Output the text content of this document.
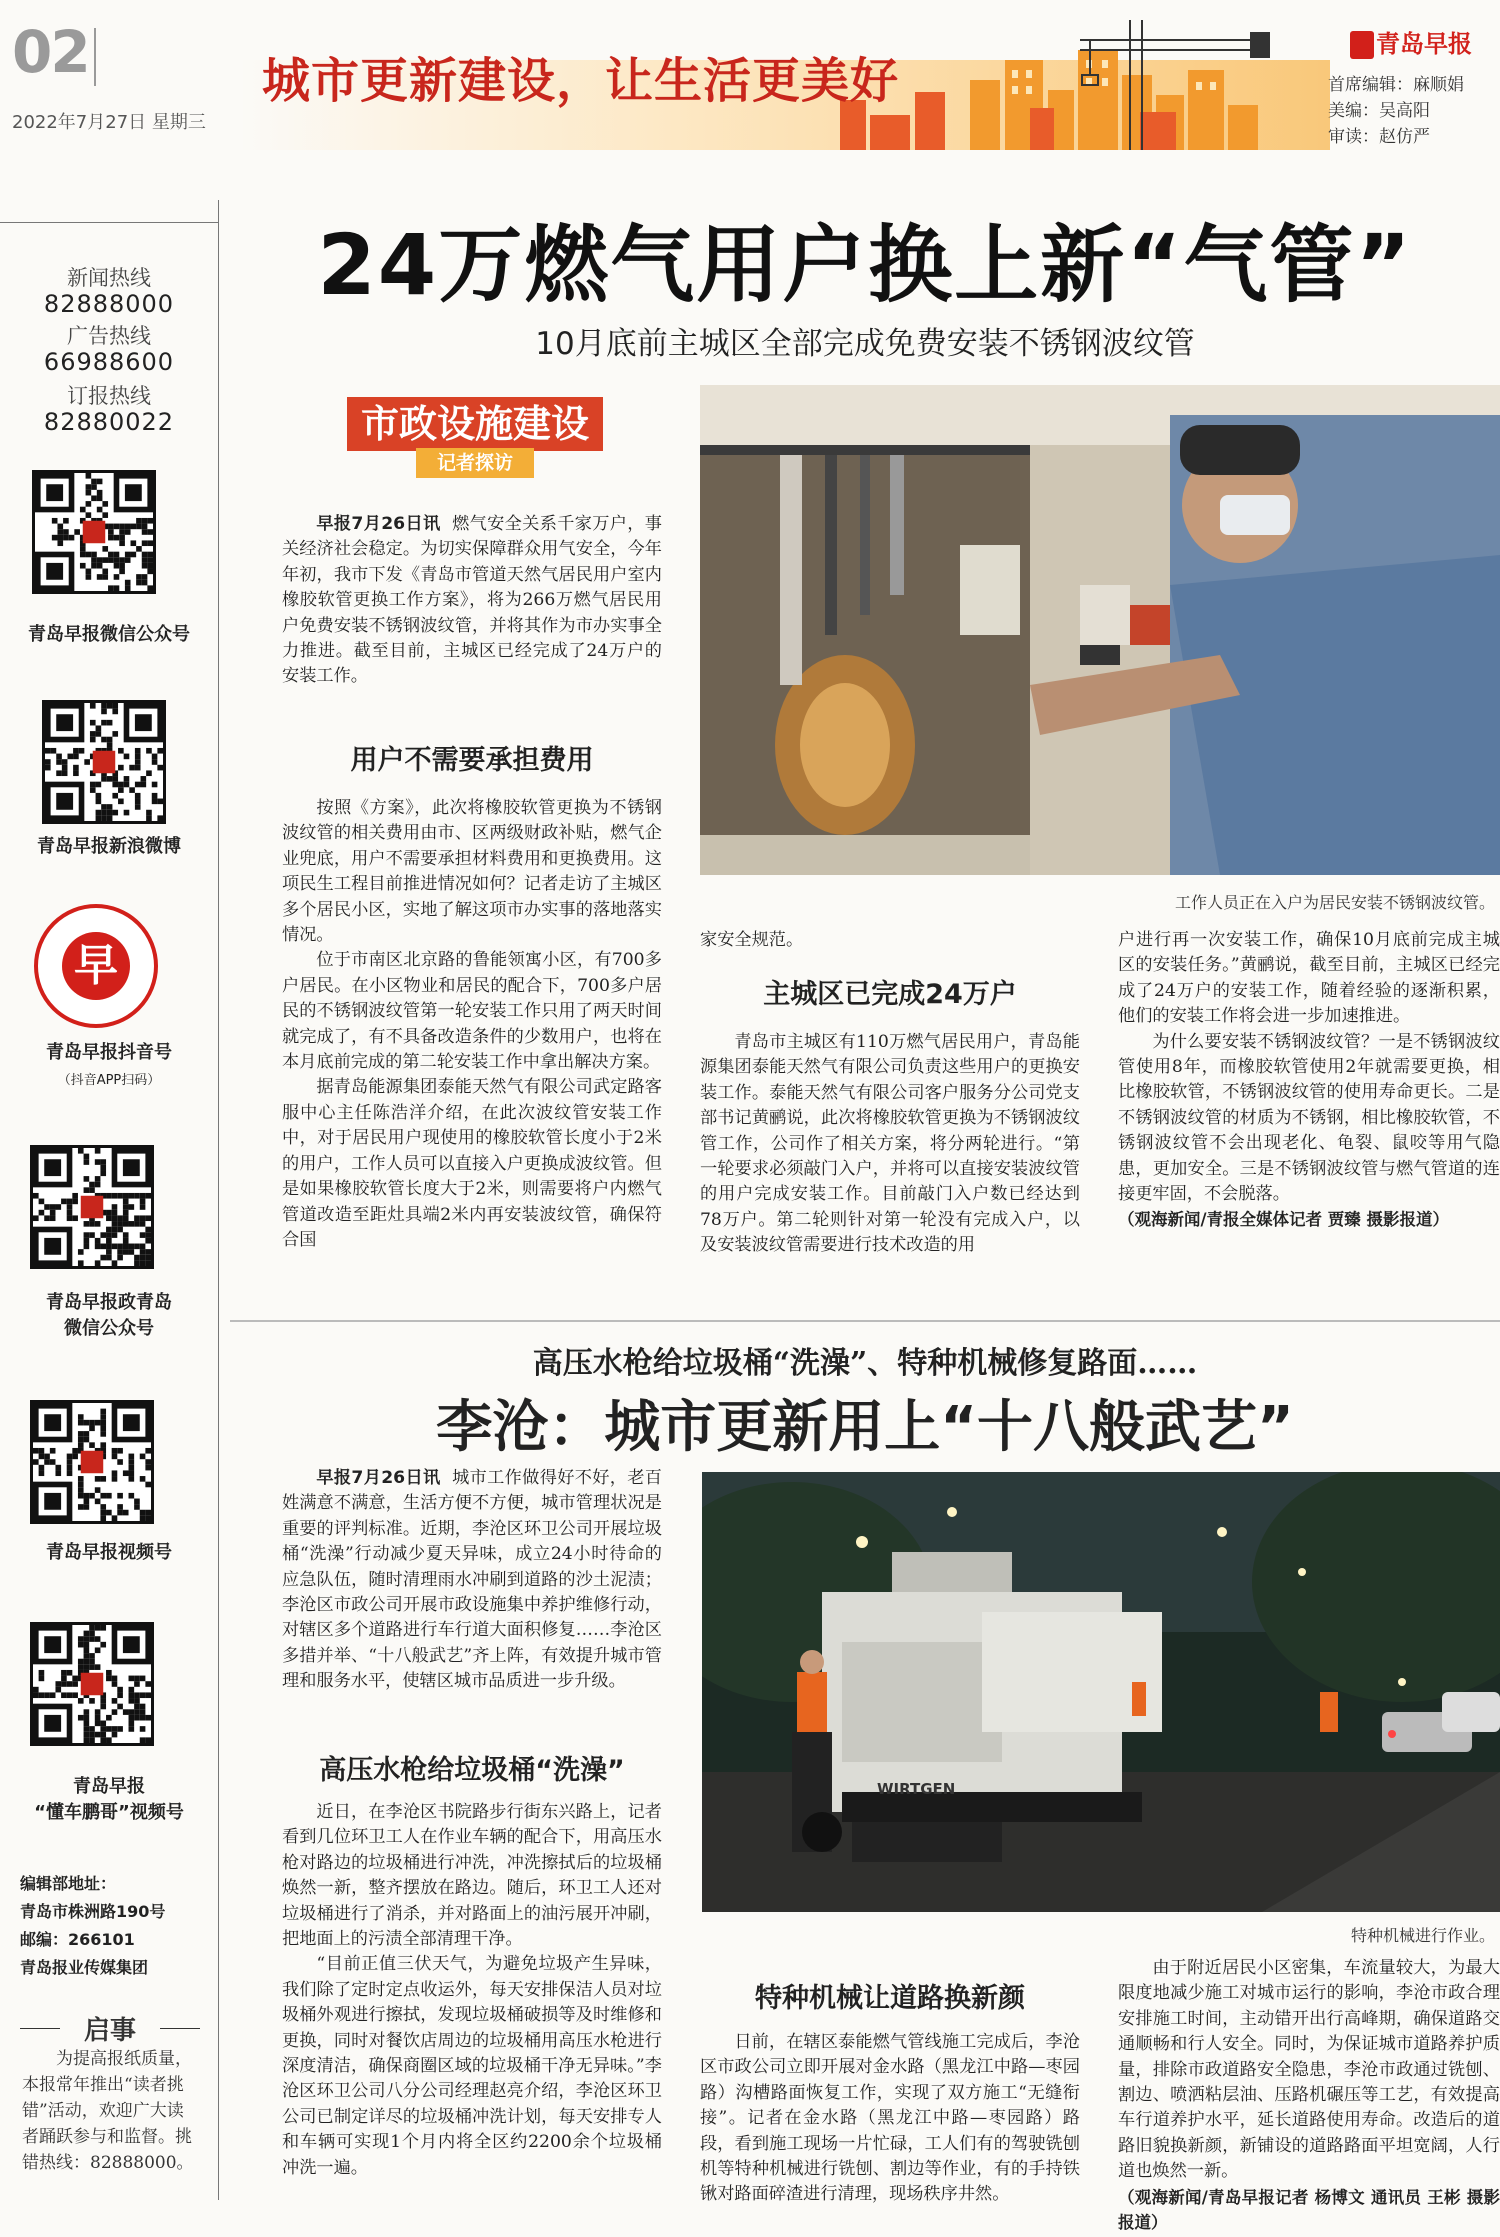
02
2022年7月27日 星期三
城市更新建设，让生活更美好
青岛早报
首席编辑：麻顺娟
美编：吴高阳
审读：赵仿严
新闻热线
82888000
广告热线
66988600
订报热线
82880022
青岛早报微信公众号
青岛早报新浪微博
早
青岛早报抖音号
（抖音APP扫码）
青岛早报政青岛
微信公众号
青岛早报视频号
青岛早报
“懂车鹏哥”视频号
编辑部地址：
青岛市株洲路190号
邮编：266101
青岛报业传媒集团
启事
为提高报纸质量，本报常年推出“读者挑错”活动，欢迎广大读者踊跃参与和监督。挑错热线：82888000。
24万燃气用户换上新“气管”
10月底前主城区全部完成免费安装不锈钢波纹管
市政设施建设
记者探访

早报7月26日讯 燃气安全关系千家万户，事关经济社会稳定。为切实保障群众用气安全，今年年初，我市下发《青岛市管道天然气居民用户室内橡胶软管更换工作方案》，将为266万燃气居民用户免费安装不锈钢波纹管，并将其作为市办实事全力推进。截至目前，主城区已经完成了24万户的安装工作。

用户不需要承担费用

按照《方案》，此次将橡胶软管更换为不锈钢波纹管的相关费用由市、区两级财政补贴，燃气企业兜底，用户不需要承担材料费用和更换费用。这项民生工程目前推进情况如何？记者走访了主城区多个居民小区，实地了解这项市办实事的落地落实情况。

位于市南区北京路的鲁能领寓小区，有700多户居民。在小区物业和居民的配合下，700多户居民的不锈钢波纹管第一轮安装工作只用了两天时间就完成了，有不具备改造条件的少数用户，也将在本月底前完成的第二轮安装工作中拿出解决方案。

据青岛能源集团泰能天然气有限公司武定路客服中心主任陈浩洋介绍，在此次波纹管安装工作中，对于居民用户现使用的橡胶软管长度小于2米的用户，工作人员可以直接入户更换成波纹管。但是如果橡胶软管长度大于2米，则需要将户内燃气管道改造至距灶具端2米内再安装波纹管，确保符合国

工作人员正在入户为居民安装不锈钢波纹管。

家安全规范。

主城区已完成24万户

青岛市主城区有110万燃气居民用户，青岛能源集团泰能天然气有限公司负责这些用户的更换安装工作。泰能天然气有限公司客户服务分公司党支部书记黄鹂说，此次将橡胶软管更换为不锈钢波纹管工作，公司作了相关方案，将分两轮进行。“第一轮要求必须敲门入户，并将可以直接安装波纹管的用户完成安装工作。目前敲门入户数已经达到78万户。第二轮则针对第一轮没有完成入户，以及安装波纹管需要进行技术改造的用

户进行再一次安装工作，确保10月底前完成主城区的安装任务。”黄鹂说，截至目前，主城区已经完成了24万户的安装工作，随着经验的逐渐积累，他们的安装工作将会进一步加速推进。

为什么要安装不锈钢波纹管？一是不锈钢波纹管使用8年，而橡胶软管使用2年就需要更换，相比橡胶软管，不锈钢波纹管的使用寿命更长。二是不锈钢波纹管的材质为不锈钢，相比橡胶软管，不锈钢波纹管不会出现老化、龟裂、鼠咬等用气隐患，更加安全。三是不锈钢波纹管与燃气管道的连接更牢固，不会脱落。

（观海新闻/青报全媒体记者 贾臻 摄影报道）

高压水枪给垃圾桶“洗澡”、特种机械修复路面……
李沧：城市更新用上“十八般武艺”

早报7月26日讯 城市工作做得好不好，老百姓满意不满意，生活方便不方便，城市管理状况是重要的评判标准。近期，李沧区环卫公司开展垃圾桶“洗澡”行动减少夏天异味，成立24小时待命的应急队伍，随时清理雨水冲刷到道路的沙土泥渍；李沧区市政公司开展市政设施集中养护维修行动，对辖区多个道路进行车行道大面积修复……李沧区多措并举、“十八般武艺”齐上阵，有效提升城市管理和服务水平，使辖区城市品质进一步升级。

高压水枪给垃圾桶“洗澡”

近日，在李沧区书院路步行街东兴路上，记者看到几位环卫工人在作业车辆的配合下，用高压水枪对路边的垃圾桶进行冲洗，冲洗擦拭后的垃圾桶焕然一新，整齐摆放在路边。随后，环卫工人还对垃圾桶进行了消杀，并对路面上的油污展开冲刷，把地面上的污渍全部清理干净。

“目前正值三伏天气，为避免垃圾产生异味，我们除了定时定点收运外，每天安排保洁人员对垃圾桶外观进行擦拭，发现垃圾桶破损等及时维修和更换，同时对餐饮店周边的垃圾桶用高压水枪进行深度清洁，确保商圈区域的垃圾桶干净无异味。”李沧区环卫公司八分公司经理赵亮介绍，李沧区环卫公司已制定详尽的垃圾桶冲洗计划，每天安排专人和车辆可实现1个月内将全区约2200余个垃圾桶冲洗一遍。

WIRTGEN
特种机械进行作业。
特种机械让道路换新颜

日前，在辖区泰能燃气管线施工完成后，李沧区市政公司立即开展对金水路（黑龙江中路—枣园路）沟槽路面恢复工作，实现了双方施工“无缝衔接”。记者在金水路（黑龙江中路—枣园路）路段，看到施工现场一片忙碌，工人们有的驾驶铣刨机等特种机械进行铣刨、割边等作业，有的手持铁锹对路面碎渣进行清理，现场秩序井然。

由于附近居民小区密集，车流量较大，为最大限度地减少施工对城市运行的影响，李沧市政合理安排施工时间，主动错开出行高峰期，确保道路交通顺畅和行人安全。同时，为保证城市道路养护质量，排除市政道路安全隐患，李沧市政通过铣刨、割边、喷洒粘层油、压路机碾压等工艺，有效提高车行道养护水平，延长道路使用寿命。改造后的道路旧貌换新颜，新铺设的道路路面平坦宽阔，人行道也焕然一新。

（观海新闻/青岛早报记者 杨博文 通讯员 王彬 摄影报道）
